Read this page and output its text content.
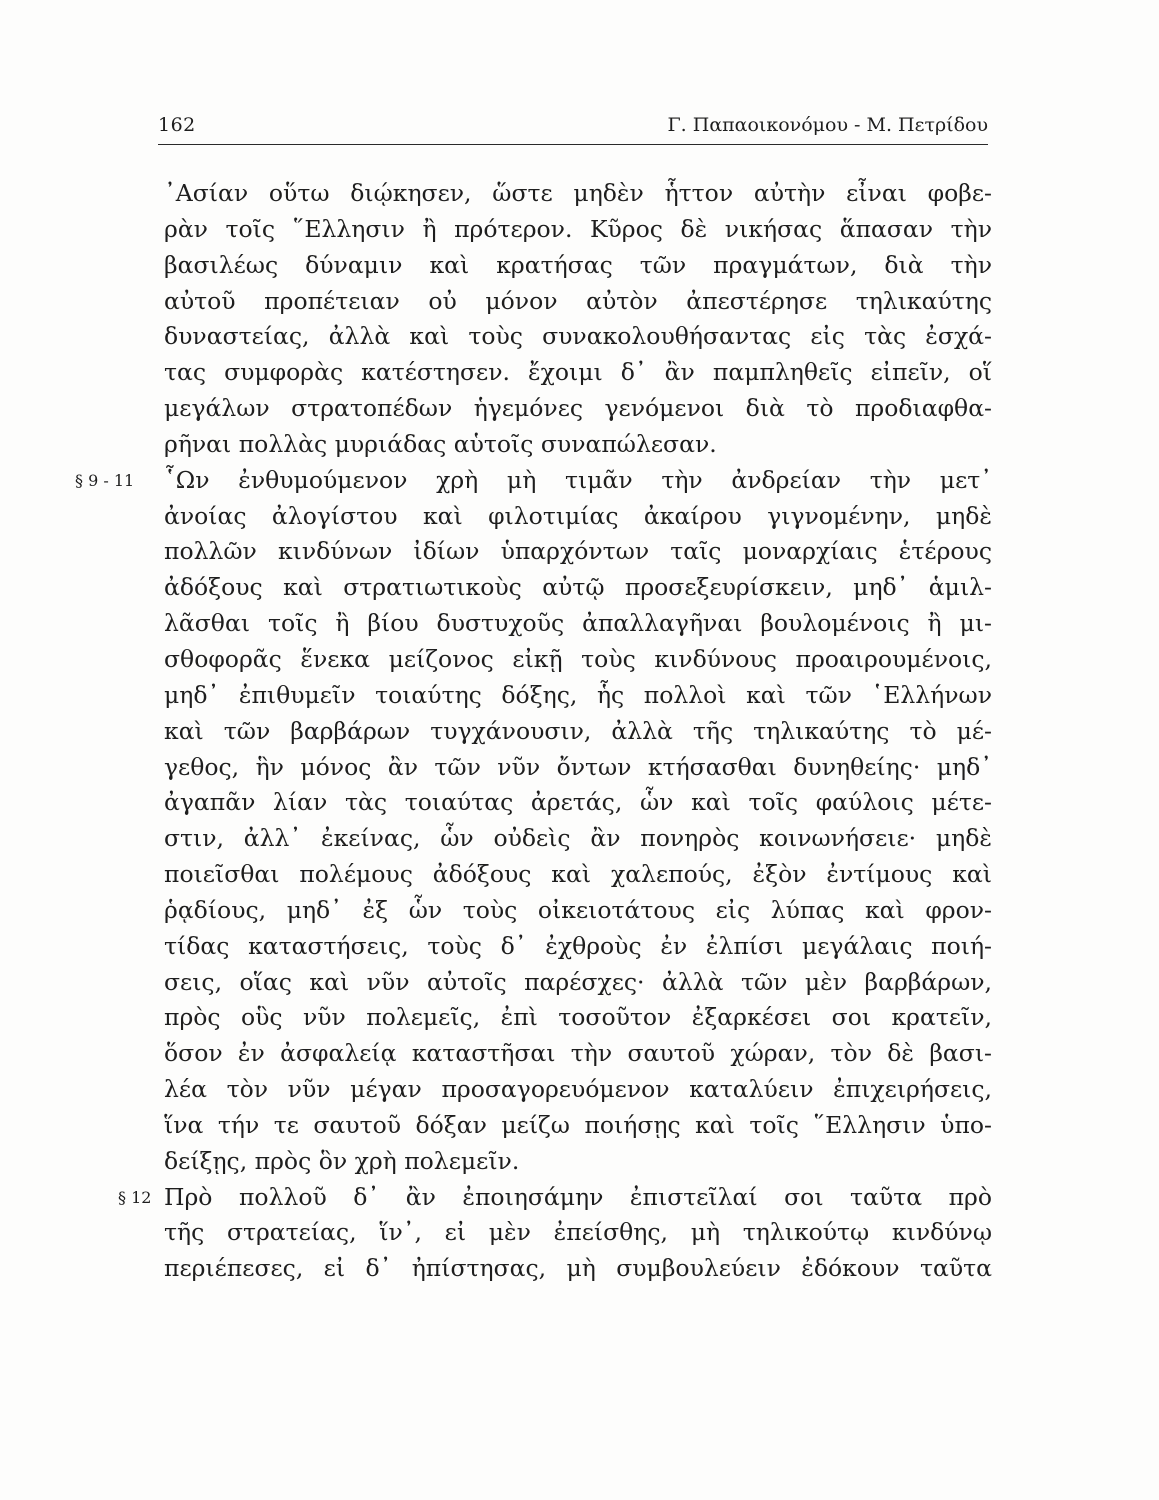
162	Γ. Παπαοικονόμου - Μ. Πετρίδου
᾿Ασίαν οὕτω διῴκησεν, ὥστε μηδὲν ἧττον αὐτὴν εἶναι φοβε-
ρὰν τοῖς ῞Ελλησιν ἢ πρότερον. Κῦρος δὲ νικήσας ἅπασαν τὴν
βασιλέως δύναμιν καὶ κρατήσας τῶν πραγμάτων, διὰ τὴν
αὐτοῦ προπέτειαν οὐ μόνον αὐτὸν ἀπεστέρησε τηλικαύτης
δυναστείας, ἀλλὰ καὶ τοὺς συνακολουθήσαντας εἰς τὰς ἐσχά-
τας συμφορὰς κατέστησεν. ἔχοιμι δ᾿ ἂν παμπληθεῖς εἰπεῖν, οἵ
μεγάλων στρατοπέδων ἡγεμόνες γενόμενοι διὰ τὸ προδιαφθα-
ρῆναι πολλὰς μυριάδας αὑτοῖς συναπώλεσαν.
§ 9 - 11 ῟Ων ἐνθυμούμενον χρὴ μὴ τιμᾶν τὴν ἀνδρείαν τὴν μετ᾿
ἀνοίας ἀλογίστου καὶ φιλοτιμίας ἀκαίρου γιγνομένην, μηδὲ
πολλῶν κινδύνων ἰδίων ὑπαρχόντων ταῖς μοναρχίαις ἑτέρους
ἀδόξους καὶ στρατιωτικοὺς αὐτῷ προσεξευρίσκειν, μηδ᾿ ἁμιλ-
λᾶσθαι τοῖς ἢ βίου δυστυχοῦς ἀπαλλαγῆναι βουλομένοις ἢ μι-
σθοφορᾶς ἕνεκα μείζονος εἰκῇ τοὺς κινδύνους προαιρουμένοις,
μηδ᾿ ἐπιθυμεῖν τοιαύτης δόξης, ἧς πολλοὶ καὶ τῶν ῾Ελλήνων
καὶ τῶν βαρβάρων τυγχάνουσιν, ἀλλὰ τῆς τηλικαύτης τὸ μέ-
γεθος, ἣν μόνος ἂν τῶν νῦν ὄντων κτήσασθαι δυνηθείης· μηδ᾿
ἀγαπᾶν λίαν τὰς τοιαύτας ἀρετάς, ὧν καὶ τοῖς φαύλοις μέτε-
στιν, ἀλλ᾿ ἐκείνας, ὧν οὐδεὶς ἂν πονηρὸς κοινωνήσειε· μηδὲ
ποιεῖσθαι πολέμους ἀδόξους καὶ χαλεπούς, ἐξὸν ἐντίμους καὶ
ῥᾳδίους, μηδ᾿ ἐξ ὧν τοὺς οἰκειοτάτους εἰς λύπας καὶ φρον-
τίδας καταστήσεις, τοὺς δ᾿ ἐχθροὺς ἐν ἐλπίσι μεγάλαις ποιή-
σεις, οἵας καὶ νῦν αὐτοῖς παρέσχες· ἀλλὰ τῶν μὲν βαρβάρων,
πρὸς οὓς νῦν πολεμεῖς, ἐπὶ τοσοῦτον ἐξαρκέσει σοι κρατεῖν,
ὅσον ἐν ἀσφαλείᾳ καταστῆσαι τὴν σαυτοῦ χώραν, τὸν δὲ βασι-
λέα τὸν νῦν μέγαν προσαγορευόμενον καταλύειν ἐπιχειρήσεις,
ἵνα τήν τε σαυτοῦ δόξαν μείζω ποιήσῃς καὶ τοῖς ῞Ελλησιν ὑπο-
δείξῃς, πρὸς ὃν χρὴ πολεμεῖν.
§ 12 Πρὸ πολλοῦ δ᾿ ἂν ἐποιησάμην ἐπιστεῖλαί σοι ταῦτα πρὸ
τῆς στρατείας, ἵν᾿, εἰ μὲν ἐπείσθης, μὴ τηλικούτῳ κινδύνῳ
περιέπεσες, εἰ δ᾿ ἠπίστησας, μὴ συμβουλεύειν ἐδόκουν ταῦτα
